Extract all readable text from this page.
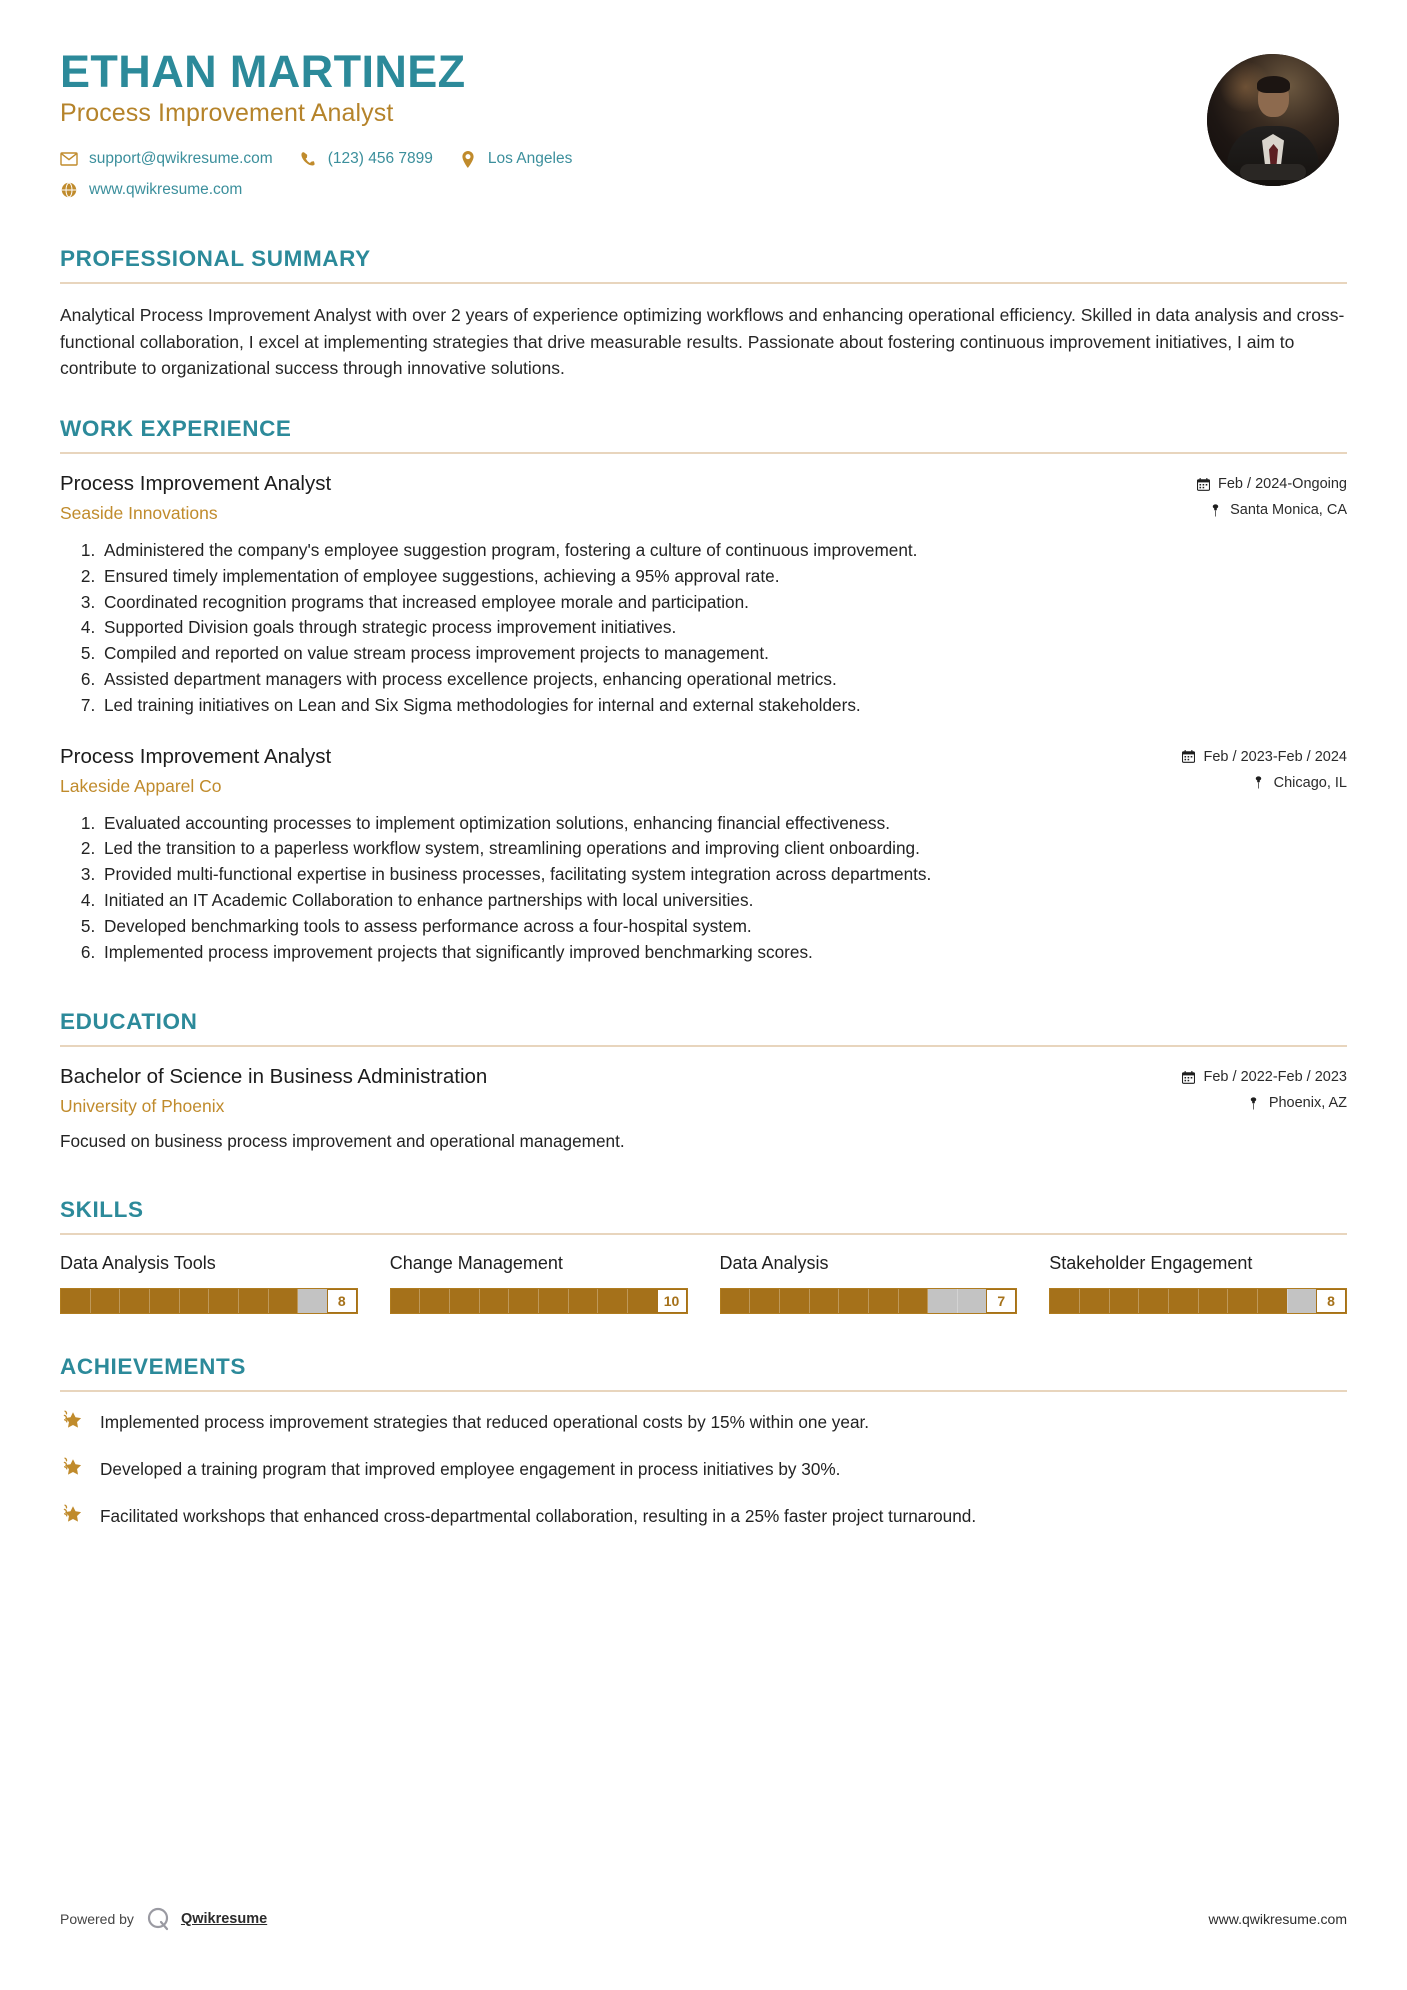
ETHAN MARTINEZ
Process Improvement Analyst
support@qwikresume.com	(123) 456 7899	Los Angeles
www.qwikresume.com
PROFESSIONAL SUMMARY

Analytical Process Improvement Analyst with over 2 years of experience optimizing workflows and enhancing operational efficiency. Skilled in data analysis and cross-functional collaboration, I excel at implementing strategies that drive measurable results. Passionate about fostering continuous improvement initiatives, I aim to contribute to organizational success through innovative solutions.

WORK EXPERIENCE
Process Improvement Analyst
Seaside Innovations
Feb / 2024-Ongoing
Santa Monica, CA
1. Administered the company's employee suggestion program, fostering a culture of continuous improvement.
2. Ensured timely implementation of employee suggestions, achieving a 95% approval rate.
3. Coordinated recognition programs that increased employee morale and participation.
4. Supported Division goals through strategic process improvement initiatives.
5. Compiled and reported on value stream process improvement projects to management.
6. Assisted department managers with process excellence projects, enhancing operational metrics.
7. Led training initiatives on Lean and Six Sigma methodologies for internal and external stakeholders.
Process Improvement Analyst
Lakeside Apparel Co
Feb / 2023-Feb / 2024
Chicago, IL
1. Evaluated accounting processes to implement optimization solutions, enhancing financial effectiveness.
2. Led the transition to a paperless workflow system, streamlining operations and improving client onboarding.
3. Provided multi-functional expertise in business processes, facilitating system integration across departments.
4. Initiated an IT Academic Collaboration to enhance partnerships with local universities.
5. Developed benchmarking tools to assess performance across a four-hospital system.
6. Implemented process improvement projects that significantly improved benchmarking scores.
EDUCATION
Bachelor of Science in Business Administration
University of Phoenix
Feb / 2022-Feb / 2023
Phoenix, AZ

Focused on business process improvement and operational management.

SKILLS
Data Analysis Tools
8
Change Management
10
Data Analysis
7
Stakeholder Engagement
8
ACHIEVEMENTS
Implemented process improvement strategies that reduced operational costs by 15% within one year.
Developed a training program that improved employee engagement in process initiatives by 30%.
Facilitated workshops that enhanced cross-departmental collaboration, resulting in a 25% faster project turnaround.
Powered by	Qwikresume	www.qwikresume.com
